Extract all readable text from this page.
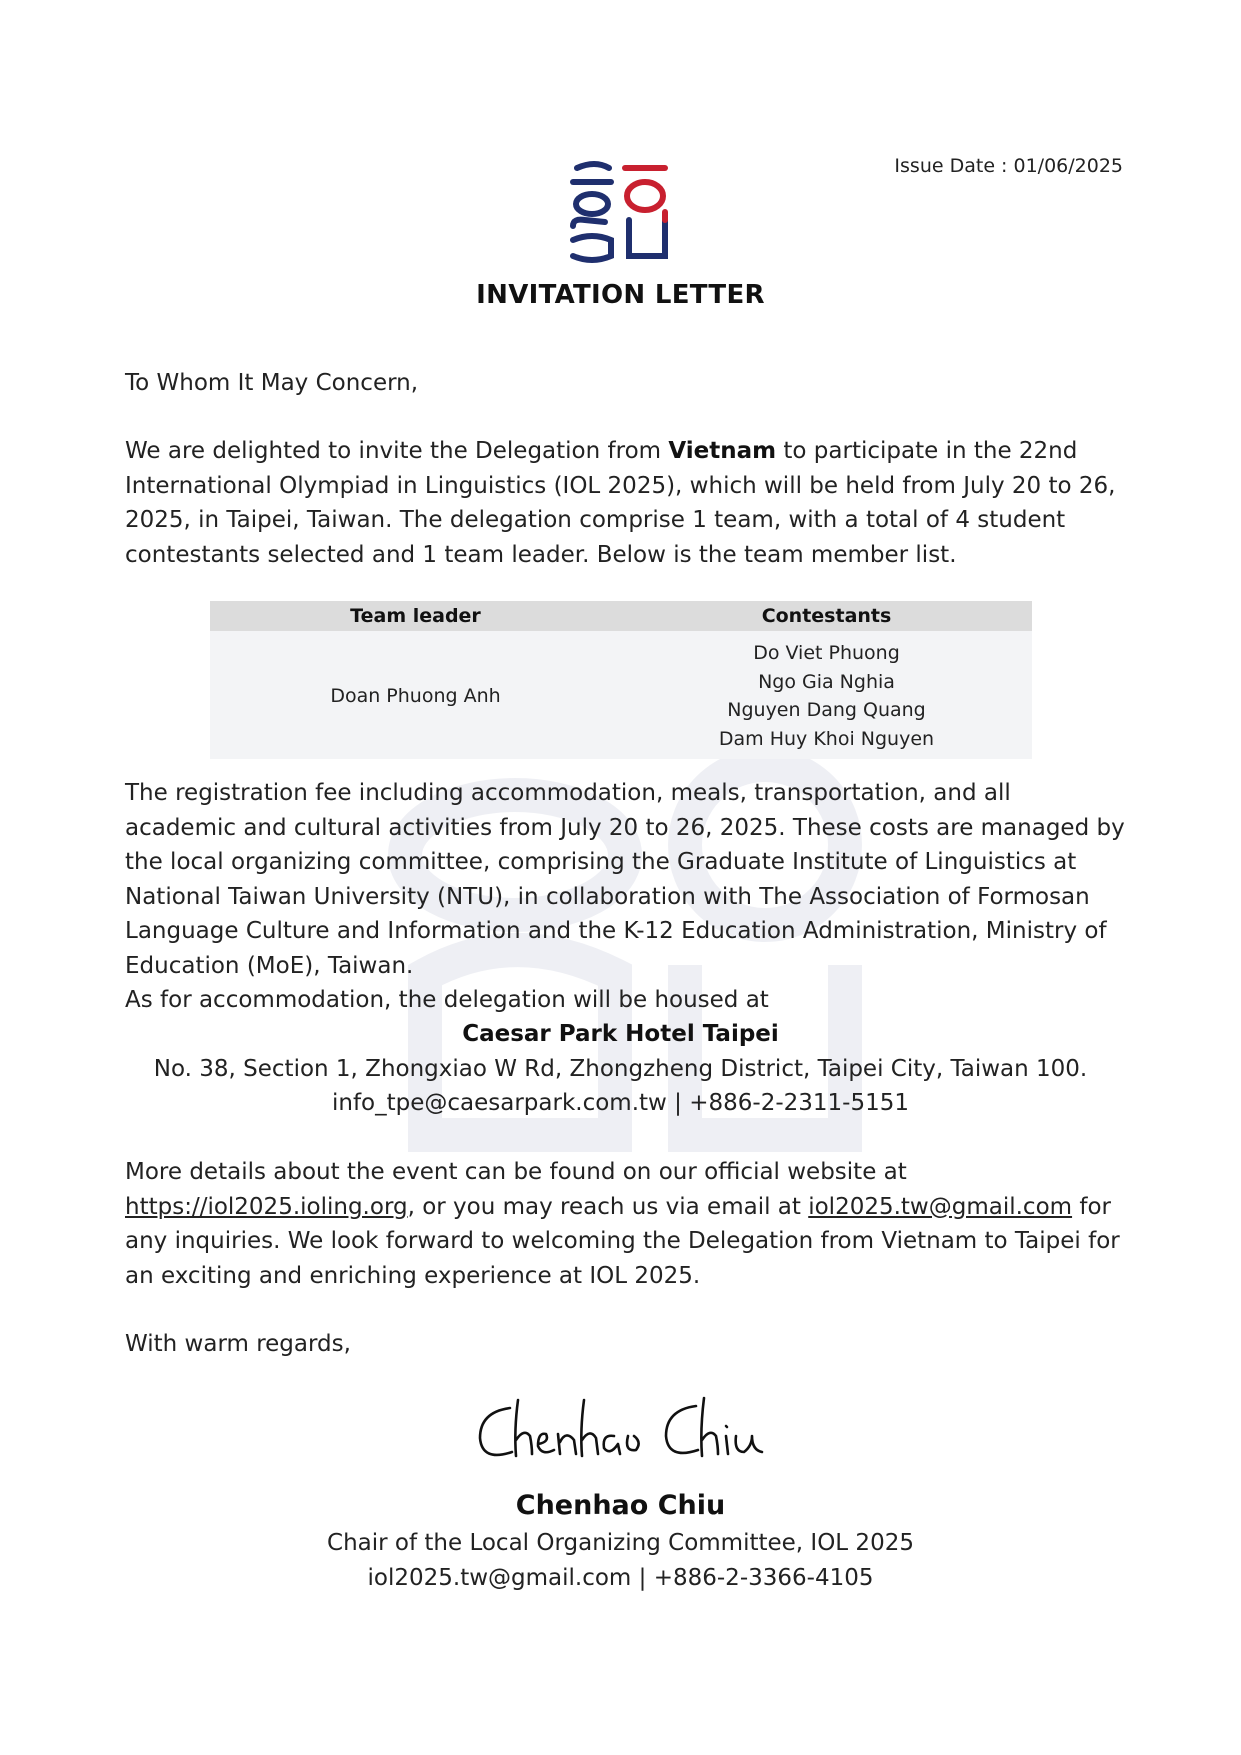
Issue Date : 01/06/2025
INVITATION LETTER
To Whom It May Concern,
We are delighted to invite the Delegation from Vietnam to participate in the 22nd International Olympiad in Linguistics (IOL 2025), which will be held from July 20 to 26, 2025, in Taipei, Taiwan. The delegation comprise 1 team, with a total of 4 student contestants selected and 1 team leader. Below is the team member list.
Team leader	Contestants
Doan Phuong Anh	Do Viet Phuong
Ngo Gia Nghia
Nguyen Dang Quang
Dam Huy Khoi Nguyen
The registration fee including accommodation, meals, transportation, and all academic and cultural activities from July 20 to 26, 2025. These costs are managed by the local organizing committee, comprising the Graduate Institute of Linguistics at National Taiwan University (NTU), in collaboration with The Association of Formosan Language Culture and Information and the K-12 Education Administration, Ministry of Education (MoE), Taiwan.
As for accommodation, the delegation will be housed at
Caesar Park Hotel Taipei
No. 38, Section 1, Zhongxiao W Rd, Zhongzheng District, Taipei City, Taiwan 100.
info_tpe@caesarpark.com.tw | +886-2-2311-5151
More details about the event can be found on our official website at https://iol2025.ioling.org, or you may reach us via email at iol2025.tw@gmail.com for any inquiries. We look forward to welcoming the Delegation from Vietnam to Taipei for an exciting and enriching experience at IOL 2025.
With warm regards,
Chenhao Chiu
Chair of the Local Organizing Committee, IOL 2025
iol2025.tw@gmail.com | +886-2-3366-4105
